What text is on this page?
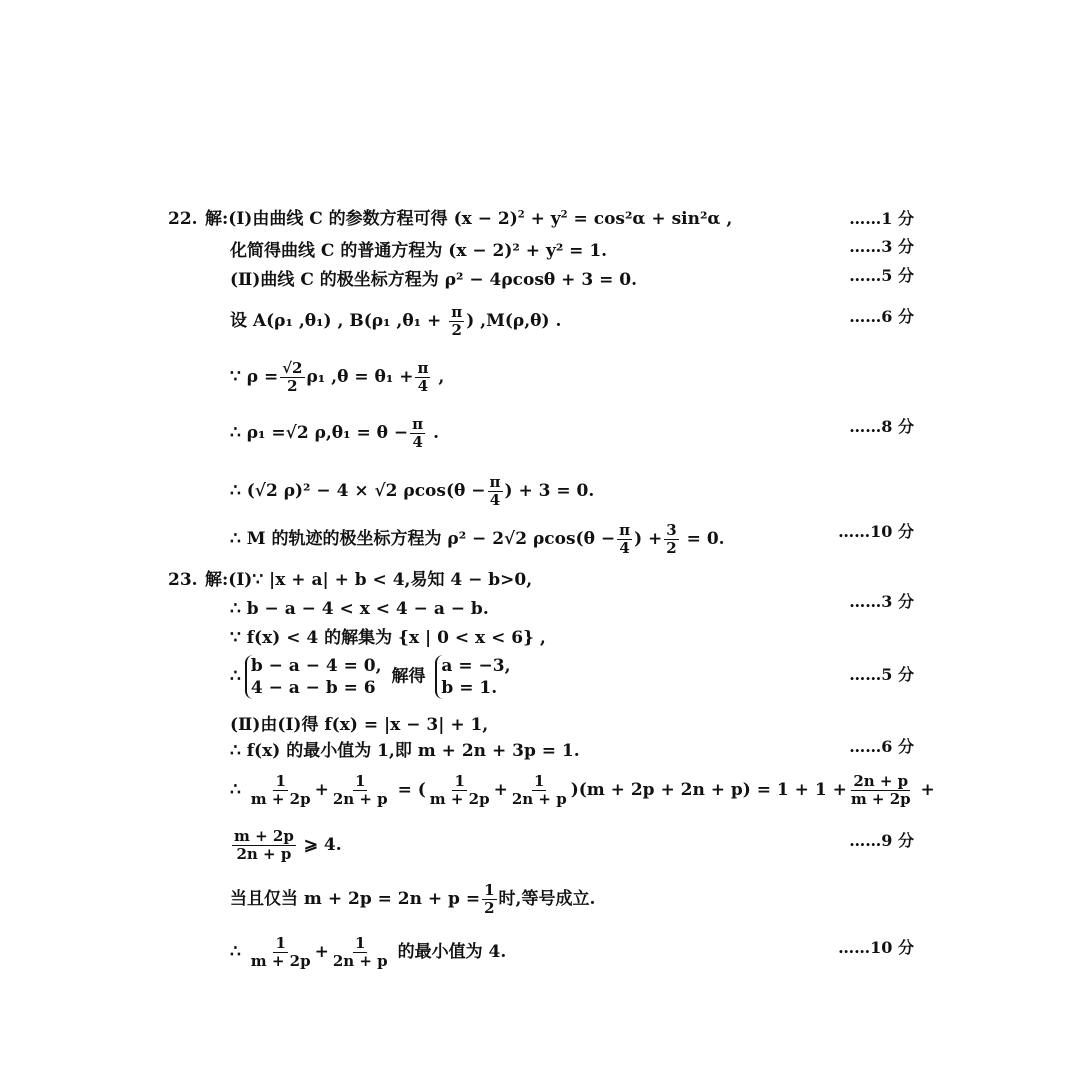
22. 解:(Ⅰ)由曲线 C 的参数方程可得 $(x - 2)^2 + y^2 = \cos^2\alpha + \sin^2\alpha$ ,	……1 分
化简得曲线 C 的普通方程为 (x − 2)² + y² = 1.	……3 分
(Ⅱ)曲线 C 的极坐标方程为 ρ² − 4ρcosθ + 3 = 0.	……5 分
设 A(ρ₁ ,θ₁) , B(ρ₁ $,\theta_1 + \frac{\pi}{2}$ ) ,M(ρ,θ) .	……6 分
∵ $\rho = \frac{√2}{2} \rho_1$ $,\theta = \theta_1 + \frac{\pi}{4}$ ,
∴ ρ₁ =√2 $\rho,\theta_1 = \theta - \frac{\pi}{4}$ .	……8 分
∴ (√2 ρ)² − 4 × √2 $\rho\cos(\theta - \frac{\pi}{4}$ ) + 3 = 0.
∴ M 的轨迹的极坐标方程为 ρ² − 2√2 $\rho\cos(\theta - \frac{\pi}{4}$ ) + $\frac{3}{2} = 0$.	……10 分
23. 解:(Ⅰ)∵ |x + a| + b < 4,易知 4 − b>0,
∴ b − a − 4 < x < 4 − a − b.	……3 分
∵ f(x) < 4 的解集为 {x | 0 < x < 6} ,
∴
b − a − 4 = 0,
4 − a − b = 6
解得
a = −3,
b = 1.
……5 分
(Ⅱ)由(Ⅰ)得 f(x) = |x − 3| + 1,
∴ f(x) 的最小值为 1,即 m + 2n + 3p = 1.	……6 分
∴ $\frac{1}{m + 2p} + \frac{1}{2n + p}$ = ( $\frac{1}{m + 2p} + \frac{1}{2n + p} )(m + 2p + 2n + p) = 1 + 1 + \frac{2n + p}{m + 2p}$ +
$\frac{m + 2p}{2n + p}$ ⩾ 4.	……9 分
当且仅当 $m + 2p = 2n + p = \frac{1}{2}$ 时,等号成立.
∴ $\frac{1}{m + 2p} + \frac{1}{2n + p}$ 的最小值为 4.	……10 分
